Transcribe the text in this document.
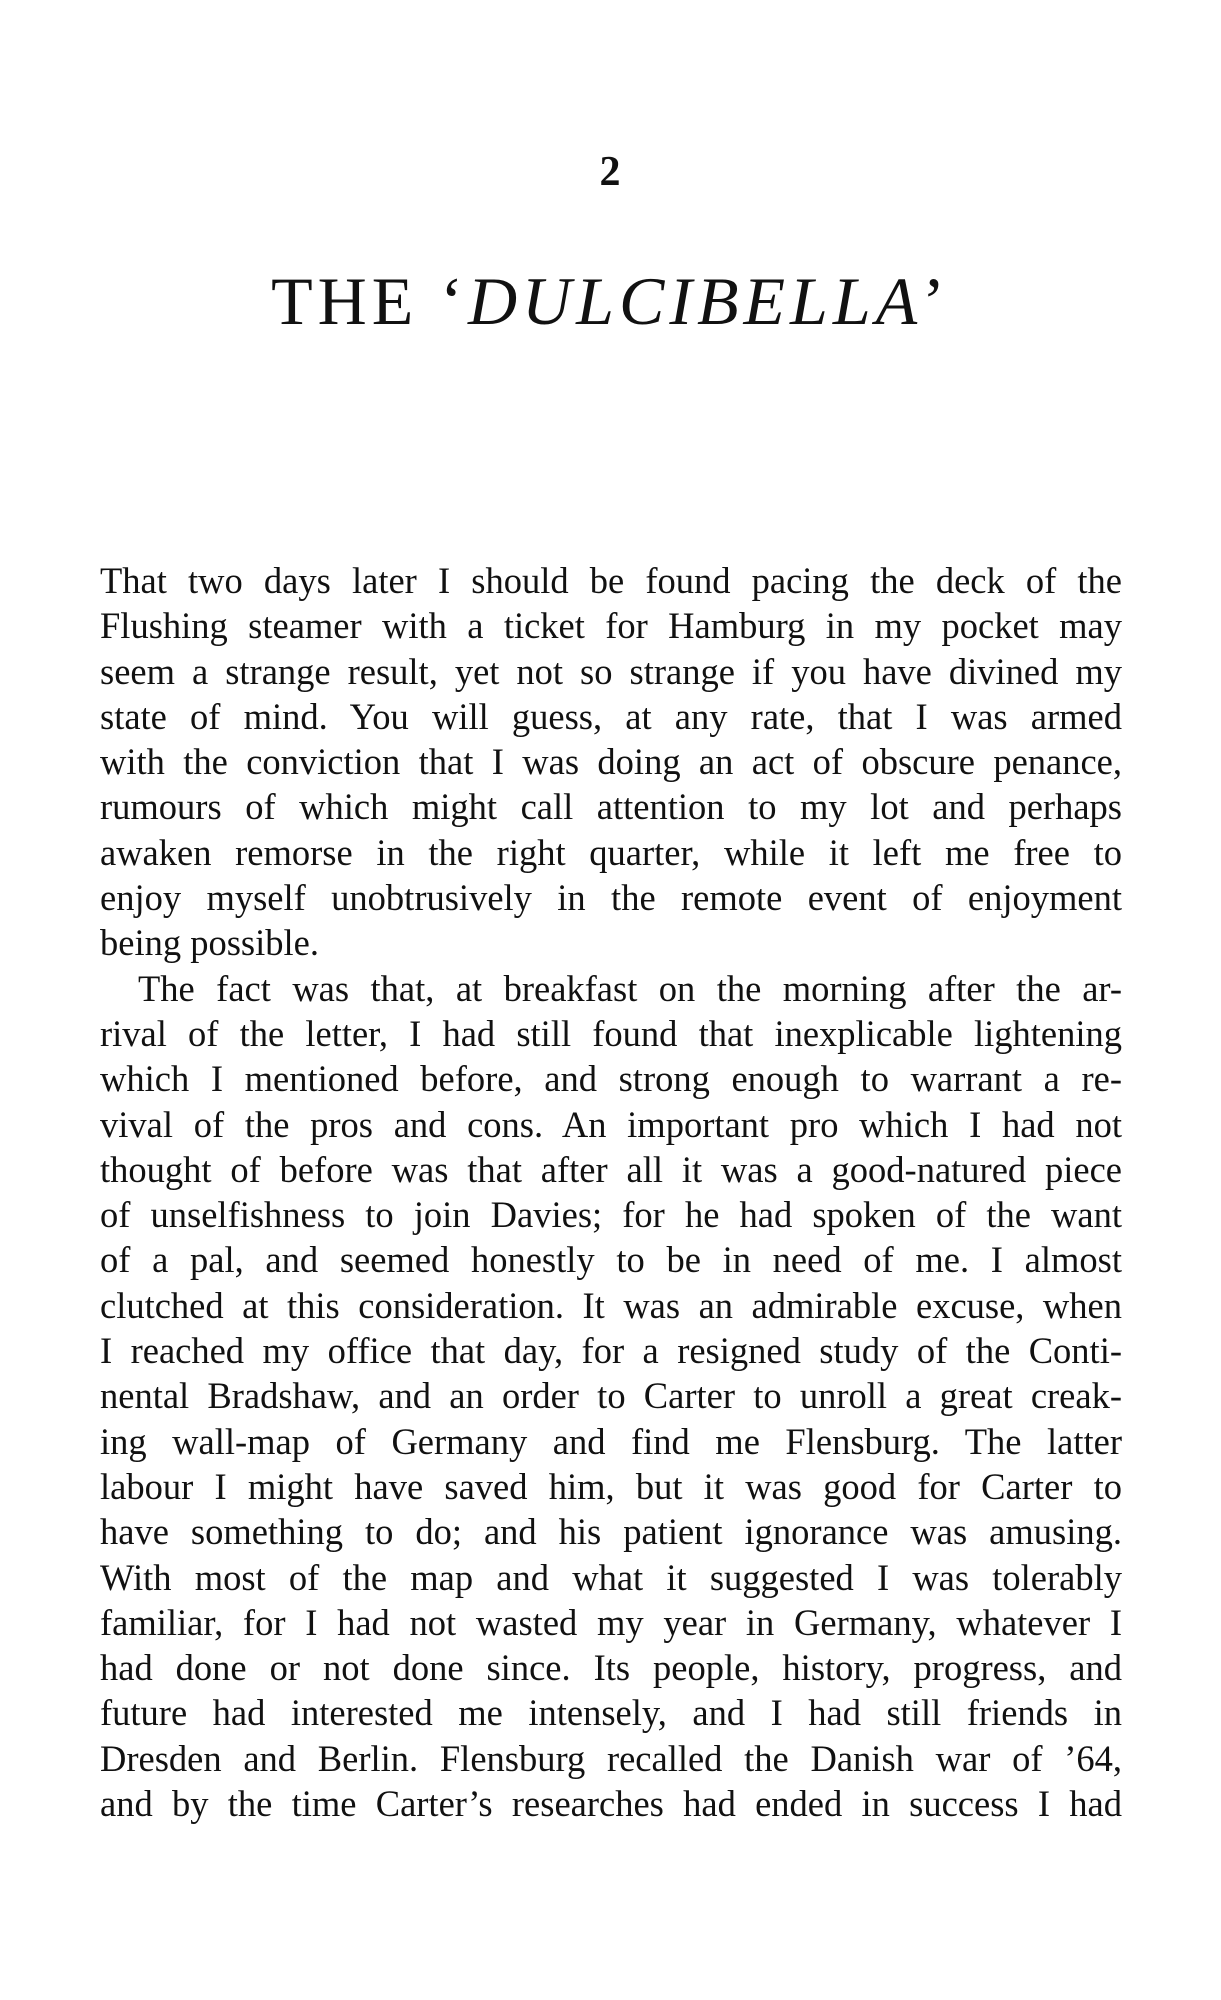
2
THE ‘DULCIBELLA’
That two days later I should be found pacing the deck of the
Flushing steamer with a ticket for Hamburg in my pocket may
seem a strange result, yet not so strange if you have divined my
state of mind. You will guess, at any rate, that I was armed
with the conviction that I was doing an act of obscure penance,
rumours of which might call attention to my lot and perhaps
awaken remorse in the right quarter, while it left me free to
enjoy myself unobtrusively in the remote event of enjoyment
being possible.
The fact was that, at breakfast on the morning after the ar-
rival of the letter, I had still found that inexplicable lightening
which I mentioned before, and strong enough to warrant a re-
vival of the pros and cons. An important pro which I had not
thought of before was that after all it was a good-natured piece
of unselfishness to join Davies; for he had spoken of the want
of a pal, and seemed honestly to be in need of me. I almost
clutched at this consideration. It was an admirable excuse, when
I reached my office that day, for a resigned study of the Conti-
nental Bradshaw, and an order to Carter to unroll a great creak-
ing wall-map of Germany and find me Flensburg. The latter
labour I might have saved him, but it was good for Carter to
have something to do; and his patient ignorance was amusing.
With most of the map and what it suggested I was tolerably
familiar, for I had not wasted my year in Germany, whatever I
had done or not done since. Its people, history, progress, and
future had interested me intensely, and I had still friends in
Dresden and Berlin. Flensburg recalled the Danish war of ’64,
and by the time Carter’s researches had ended in success I had
